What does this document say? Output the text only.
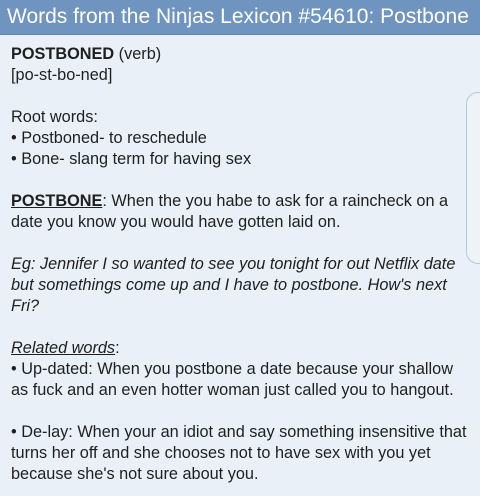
Words from the Ninjas Lexicon #54610: Postbone

POSTBONED (verb)

[po-st-bo-ned]

Root words:

• Postboned- to reschedule

• Bone- slang term for having sex

POSTBONE: When the you habe to ask for a raincheck on a date you know you would have gotten laid on.

Eg: Jennifer I so wanted to see you tonight for out Netflix date but somethings come up and I have to postbone. How's next Fri?

Related words:

• Up-dated: When you postbone a date because your shallow as fuck and an even hotter woman just called you to hangout.

• De-lay: When your an idiot and say something insensitive that turns her off and she chooses not to have sex with you yet because she's not sure about you.
